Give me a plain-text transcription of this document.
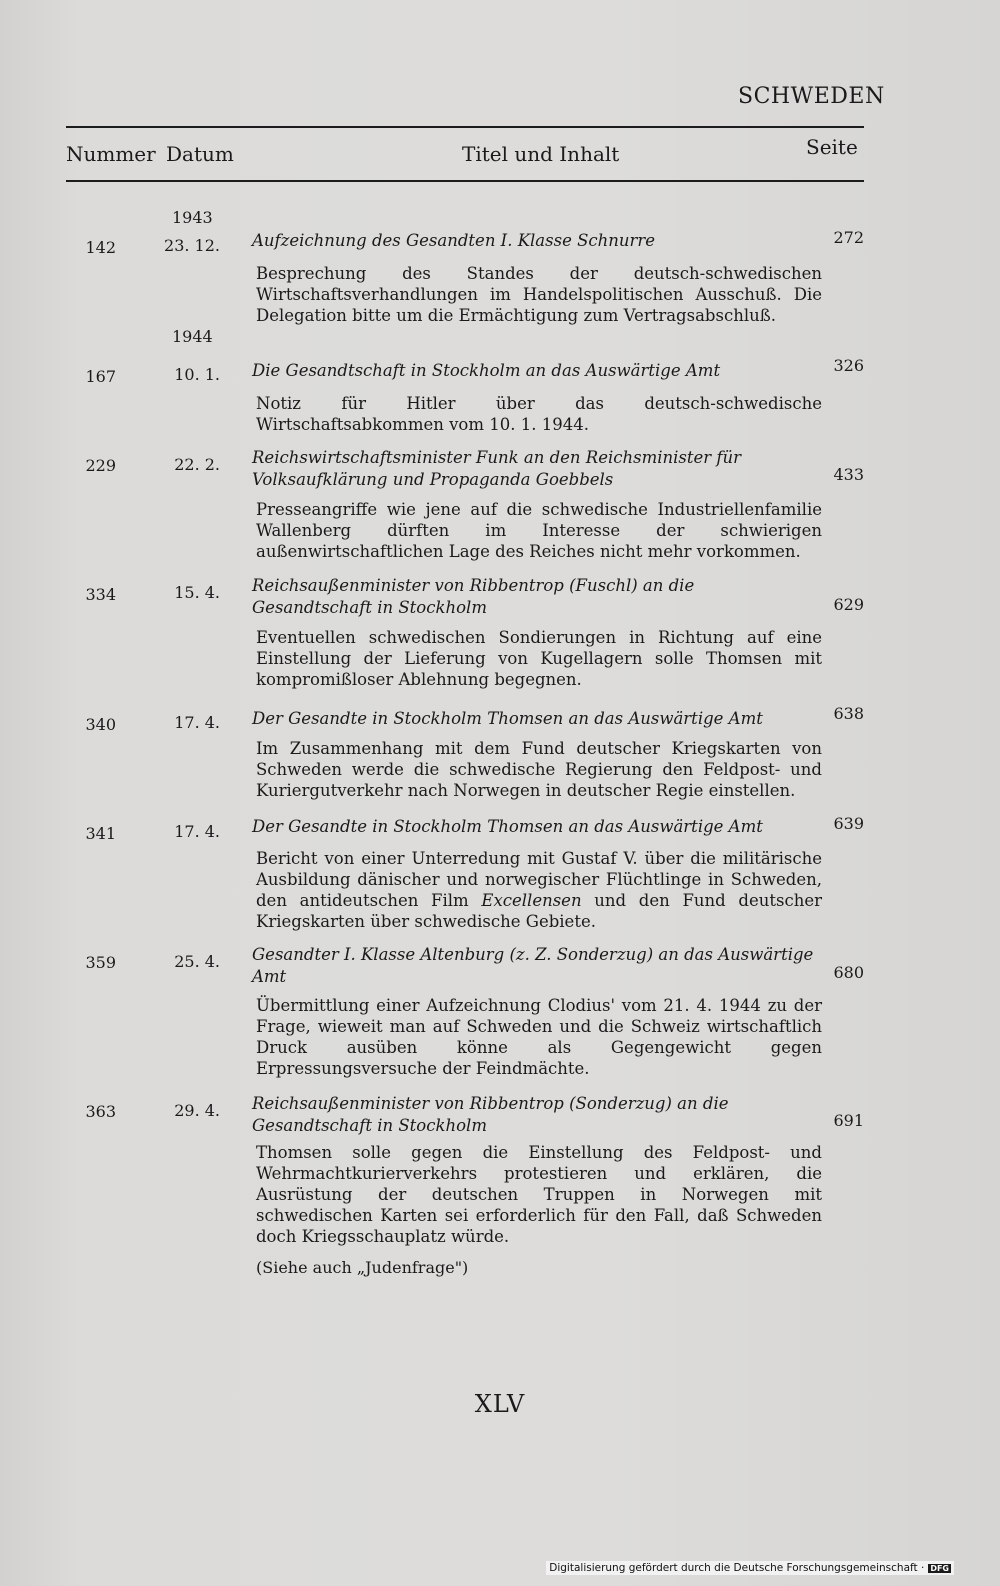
SCHWEDEN
Nummer Datum	Titel und Inhalt	Seite
1943
142	23. 12. Aufzeichnung des Gesandten I. Klasse Schnurre	272
Besprechung des Standes der deutsch-schwedischen Wirtschaftsverhandlungen im Handelspolitischen Ausschuß. Die Delegation bitte um die Ermächtigung zum Vertragsabschluß.
1944
167	10. 1. Die Gesandtschaft in Stockholm an das Auswärtige Amt	326
Notiz für Hitler über das deutsch-schwedische Wirtschaftsabkommen vom 10. 1. 1944.
229	22. 2. Reichswirtschaftsminister Funk an den Reichsminister für Volksaufklärung und Propaganda Goebbels	433
Presseangriffe wie jene auf die schwedische Industriellenfamilie Wallenberg dürften im Interesse der schwierigen außenwirtschaftlichen Lage des Reiches nicht mehr vorkommen.
334	15. 4. Reichsaußenminister von Ribbentrop (Fuschl) an die Gesandtschaft in Stockholm	629
Eventuellen schwedischen Sondierungen in Richtung auf eine Einstellung der Lieferung von Kugellagern solle Thomsen mit kompromißloser Ablehnung begegnen.
340	17. 4. Der Gesandte in Stockholm Thomsen an das Auswärtige Amt	638
Im Zusammenhang mit dem Fund deutscher Kriegskarten von Schweden werde die schwedische Regierung den Feldpost- und Kuriergutverkehr nach Norwegen in deutscher Regie einstellen.
341	17. 4. Der Gesandte in Stockholm Thomsen an das Auswärtige Amt	639
Bericht von einer Unterredung mit Gustaf V. über die militärische Ausbildung dänischer und norwegischer Flüchtlinge in Schweden, den antideutschen Film Excellensen und den Fund deutscher Kriegskarten über schwedische Gebiete.
359	25. 4. Gesandter I. Klasse Altenburg (z. Z. Sonderzug) an das Auswärtige Amt	680
Übermittlung einer Aufzeichnung Clodius' vom 21. 4. 1944 zu der Frage, wieweit man auf Schweden und die Schweiz wirtschaftlich Druck ausüben könne als Gegengewicht gegen Erpressungsversuche der Feindmächte.
363	29. 4. Reichsaußenminister von Ribbentrop (Sonderzug) an die Gesandtschaft in Stockholm	691
Thomsen solle gegen die Einstellung des Feldpost- und Wehrmachtkurierverkehrs protestieren und erklären, die Ausrüstung der deutschen Truppen in Norwegen mit schwedischen Karten sei erforderlich für den Fall, daß Schweden doch Kriegsschauplatz würde.
(Siehe auch „Judenfrage")
XLV
Digitalisierung gefördert durch die Deutsche Forschungsgemeinschaft · DFG
